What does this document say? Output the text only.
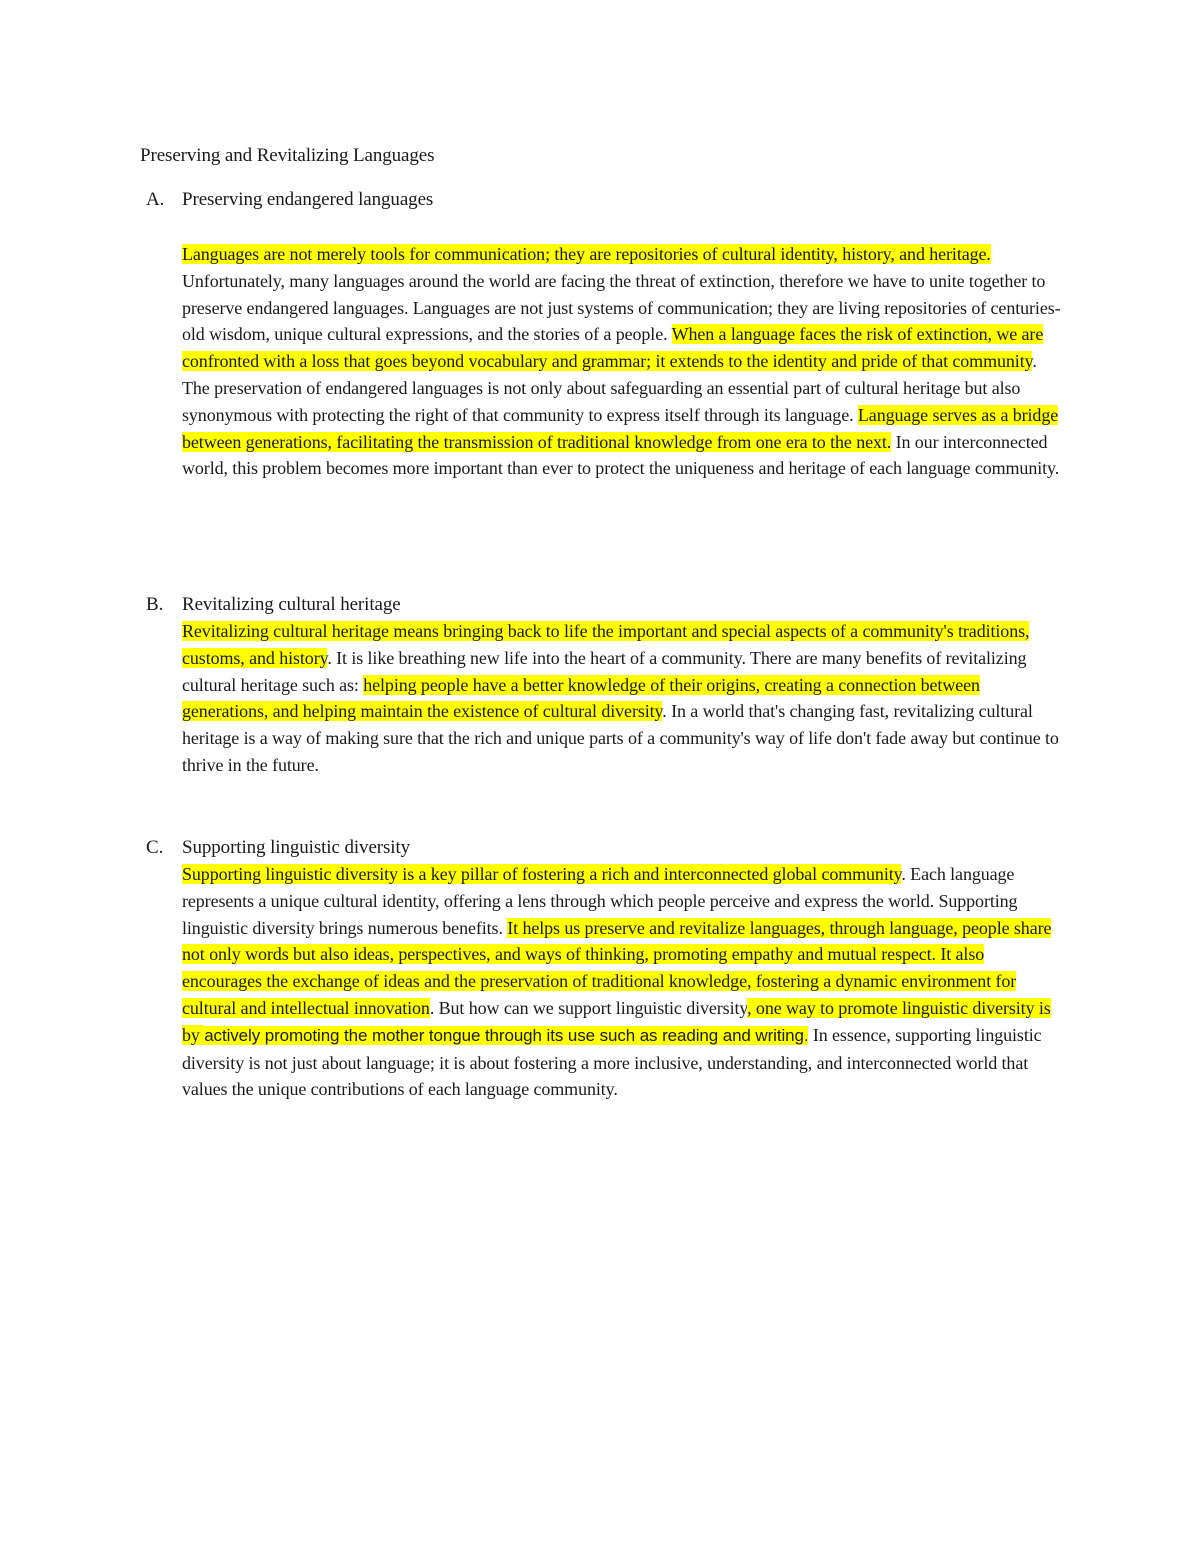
Preserving and Revitalizing Languages
A. Preserving endangered languages

Languages are not merely tools for communication; they are repositories of cultural identity, history, and heritage. Unfortunately, many languages around the world are facing the threat of extinction, therefore we have to unite together to preserve endangered languages. Languages are not just systems of communication; they are living repositories of centuries-old wisdom, unique cultural expressions, and the stories of a people. When a language faces the risk of extinction, we are confronted with a loss that goes beyond vocabulary and grammar; it extends to the identity and pride of that community. The preservation of endangered languages is not only about safeguarding an essential part of cultural heritage but also synonymous with protecting the right of that community to express itself through its language. Language serves as a bridge between generations, facilitating the transmission of traditional knowledge from one era to the next. In our interconnected world, this problem becomes more important than ever to protect the uniqueness and heritage of each language community.

B. Revitalizing cultural heritage

Revitalizing cultural heritage means bringing back to life the important and special aspects of a community's traditions, customs, and history. It is like breathing new life into the heart of a community. There are many benefits of revitalizing cultural heritage such as: helping people have a better knowledge of their origins, creating a connection between generations, and helping maintain the existence of cultural diversity. In a world that's changing fast, revitalizing cultural heritage is a way of making sure that the rich and unique parts of a community's way of life don't fade away but continue to thrive in the future.

C. Supporting linguistic diversity

Supporting linguistic diversity is a key pillar of fostering a rich and interconnected global community. Each language represents a unique cultural identity, offering a lens through which people perceive and express the world. Supporting linguistic diversity brings numerous benefits. It helps us preserve and revitalize languages, through language, people share not only words but also ideas, perspectives, and ways of thinking, promoting empathy and mutual respect. It also encourages the exchange of ideas and the preservation of traditional knowledge, fostering a dynamic environment for cultural and intellectual innovation. But how can we support linguistic diversity, one way to promote linguistic diversity is by actively promoting the mother tongue through its use such as reading and writing. In essence, supporting linguistic diversity is not just about language; it is about fostering a more inclusive, understanding, and interconnected world that values the unique contributions of each language community.
